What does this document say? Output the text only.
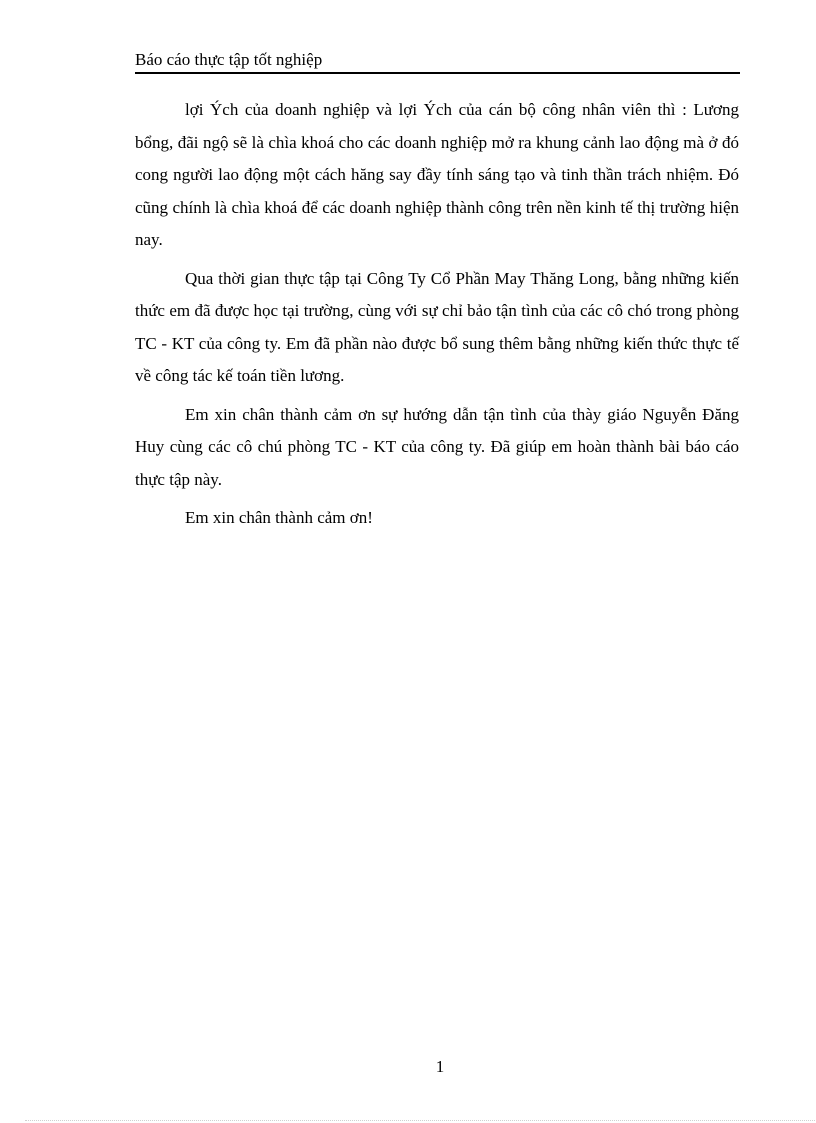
Báo cáo thực tập tốt nghiệp

lợi Ých của doanh nghiệp và lợi Ých của cán bộ công nhân viên thì : Lương bổng, đãi ngộ sẽ là chìa khoá cho các doanh nghiệp mở ra khung cảnh lao động mà ở đó cong người lao động một cách hăng say đầy tính sáng tạo và tinh thần trách nhiệm. Đó cũng chính là chìa khoá để các doanh nghiệp thành công trên nền kinh tế thị trường hiện nay.

Qua thời gian thực tập tại Công Ty Cổ Phần May Thăng Long, bằng những kiến thức em đã được học tại trường, cùng với sự chỉ bảo tận tình của các cô chó trong phòng TC - KT của công ty. Em đã phần nào được bổ sung thêm bằng những kiến thức thực tế về công tác kế toán tiền lương.

Em xin chân thành cảm ơn sự hướng dẫn tận tình của thày giáo Nguyễn Đăng Huy cùng các cô chú phòng TC - KT của công ty. Đã giúp em hoàn thành bài báo cáo thực tập này.

Em xin chân thành cảm ơn!

1
